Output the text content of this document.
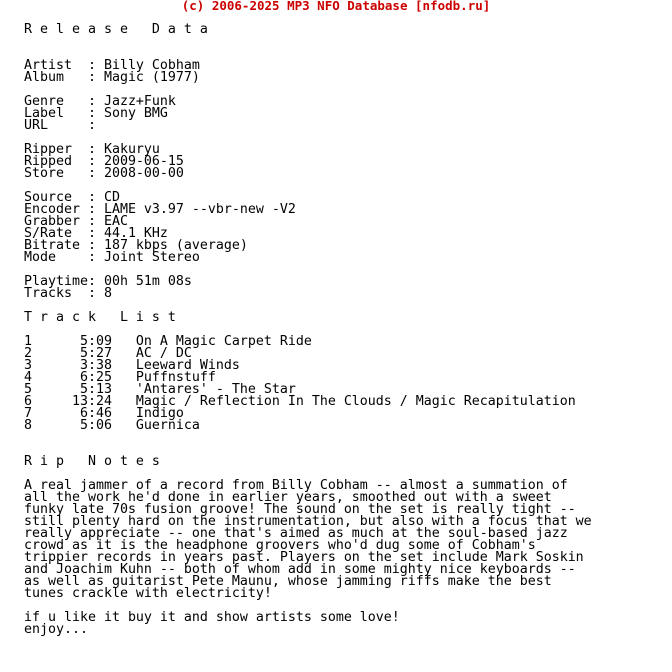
(c) 2006-2025 MP3 NFO Database [nfodb.ru]
R e l e a s e   D a t a

Artist  : Billy Cobham
Album   : Magic (1977)

Genre   : Jazz+Funk
Label   : Sony BMG
URL     :

Ripper  : Kakuryu
Ripped  : 2009-06-15
Store   : 2008-00-00

Source  : CD
Encoder : LAME v3.97 --vbr-new -V2
Grabber : EAC
S/Rate  : 44.1 KHz
Bitrate : 187 kbps (average)
Mode    : Joint Stereo

Playtime: 00h 51m 08s
Tracks  : 8

T r a c k   L i s t

1      5:09   On A Magic Carpet Ride
2      5:27   AC / DC
3      3:38   Leeward Winds
4      6:25   Puffnstuff
5      5:13   'Antares' - The Star
6     13:24   Magic / Reflection In The Clouds / Magic Recapitulation
7      6:46   Indigo
8      5:06   Guernica

R i p   N o t e s

A real jammer of a record from Billy Cobham -- almost a summation of
all the work he'd done in earlier years, smoothed out with a sweet
funky late 70s fusion groove! The sound on the set is really tight --
still plenty hard on the instrumentation, but also with a focus that we
really appreciate -- one that's aimed as much at the soul-based jazz
crowd as it is the headphone groovers who'd dug some of Cobham's
trippier records in years past. Players on the set include Mark Soskin
and Joachim Kuhn -- both of whom add in some mighty nice keyboards --
as well as guitarist Pete Maunu, whose jamming riffs make the best
tunes crackle with electricity!

if u like it buy it and show artists some love!
enjoy...
